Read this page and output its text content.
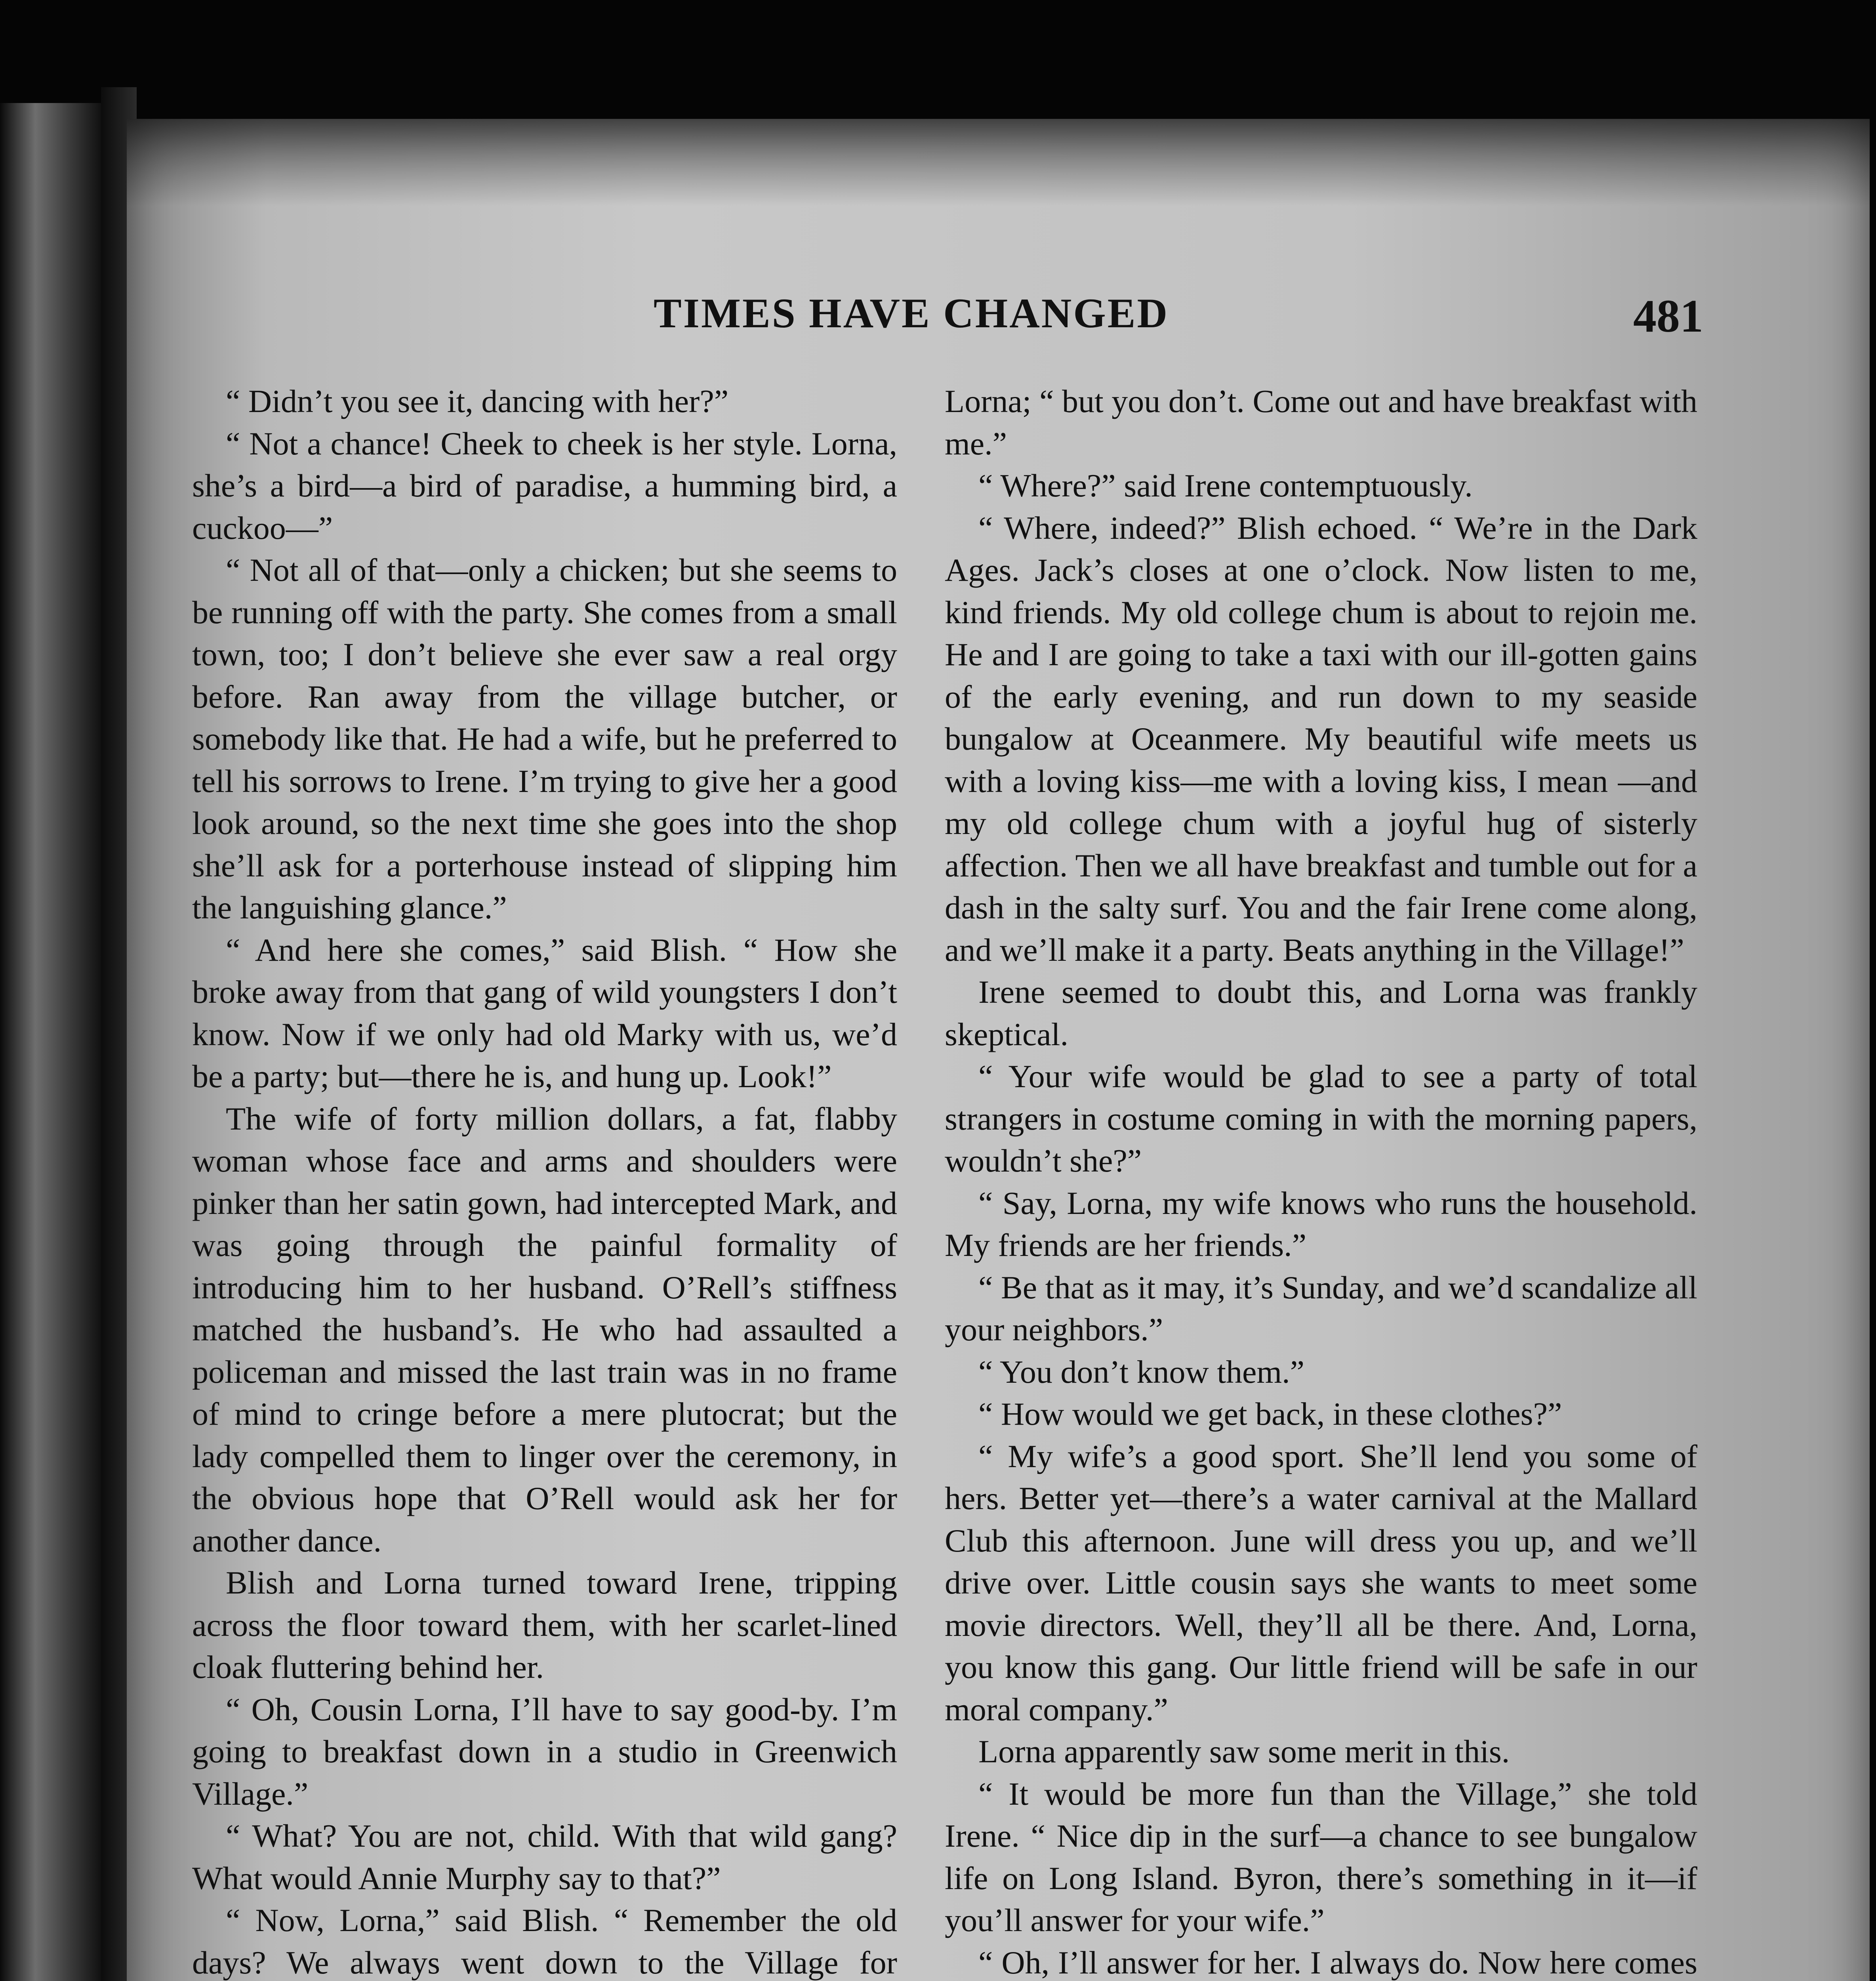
TIMES HAVE CHANGED	481

“ Didn’t you see it, dancing with her?”

“ Not a chance! Cheek to cheek is her style. Lorna, she’s a bird—a bird of paradise, a humming bird, a cuckoo—”

“ Not all of that—only a chicken; but she seems to be running off with the party. She comes from a small town, too; I don’t believe she ever saw a real orgy before. Ran away from the village butcher, or somebody like that. He had a wife, but he preferred to tell his sorrows to Irene. I’m trying to give her a good look around, so the next time she goes into the shop she’ll ask for a porterhouse instead of slipping him the languishing glance.”

“ And here she comes,” said Blish. “ How she broke away from that gang of wild youngsters I don’t know. Now if we only had old Marky with us, we’d be a party; but—there he is, and hung up. Look!”

The wife of forty million dollars, a fat, flabby woman whose face and arms and shoulders were pinker than her satin gown, had intercepted Mark, and was going through the painful formality of introducing him to her husband. O’Rell’s stiffness matched the husband’s. He who had assaulted a policeman and missed the last train was in no frame of mind to cringe before a mere plutocrat; but the lady compelled them to linger over the ceremony, in the obvious hope that O’Rell would ask her for another dance.

Blish and Lorna turned toward Irene, tripping across the floor toward them, with her scarlet-lined cloak fluttering behind her.

“ Oh, Cousin Lorna, I’ll have to say good-by. I’m going to breakfast down in a studio in Greenwich Village.”

“ What? You are not, child. With that wild gang? What would Annie Murphy say to that?”

“ Now, Lorna,” said Blish. “ Remember the old days? We always went down to the Village for

Lorna; “ but you don’t. Come out and have breakfast with me.”

“ Where?” said Irene contemptuously.

“ Where, indeed?” Blish echoed. “ We’re in the Dark Ages. Jack’s closes at one o’clock. Now listen to me, kind friends. My old college chum is about to rejoin me. He and I are going to take a taxi with our ill-gotten gains of the early evening, and run down to my seaside bungalow at Oceanmere. My beautiful wife meets us with a loving kiss—me with a loving kiss, I mean —and my old college chum with a joyful hug of sisterly affection. Then we all have breakfast and tumble out for a dash in the salty surf. You and the fair Irene come along, and we’ll make it a party. Beats anything in the Village!”

Irene seemed to doubt this, and Lorna was frankly skeptical.

“ Your wife would be glad to see a party of total strangers in costume coming in with the morning papers, wouldn’t she?”

“ Say, Lorna, my wife knows who runs the household. My friends are her friends.”

“ Be that as it may, it’s Sunday, and we’d scandalize all your neighbors.”

“ You don’t know them.”

“ How would we get back, in these clothes?”

“ My wife’s a good sport. She’ll lend you some of hers. Better yet—there’s a water carnival at the Mallard Club this afternoon. June will dress you up, and we’ll drive over. Little cousin says she wants to meet some movie directors. Well, they’ll all be there. And, Lorna, you know this gang. Our little friend will be safe in our moral company.”

Lorna apparently saw some merit in this.

“ It would be more fun than the Village,” she told Irene. “ Nice dip in the surf—a chance to see bungalow life on Long Island. Byron, there’s something in it—if you’ll answer for your wife.”

“ Oh, I’ll answer for her. I always do. Now here comes
